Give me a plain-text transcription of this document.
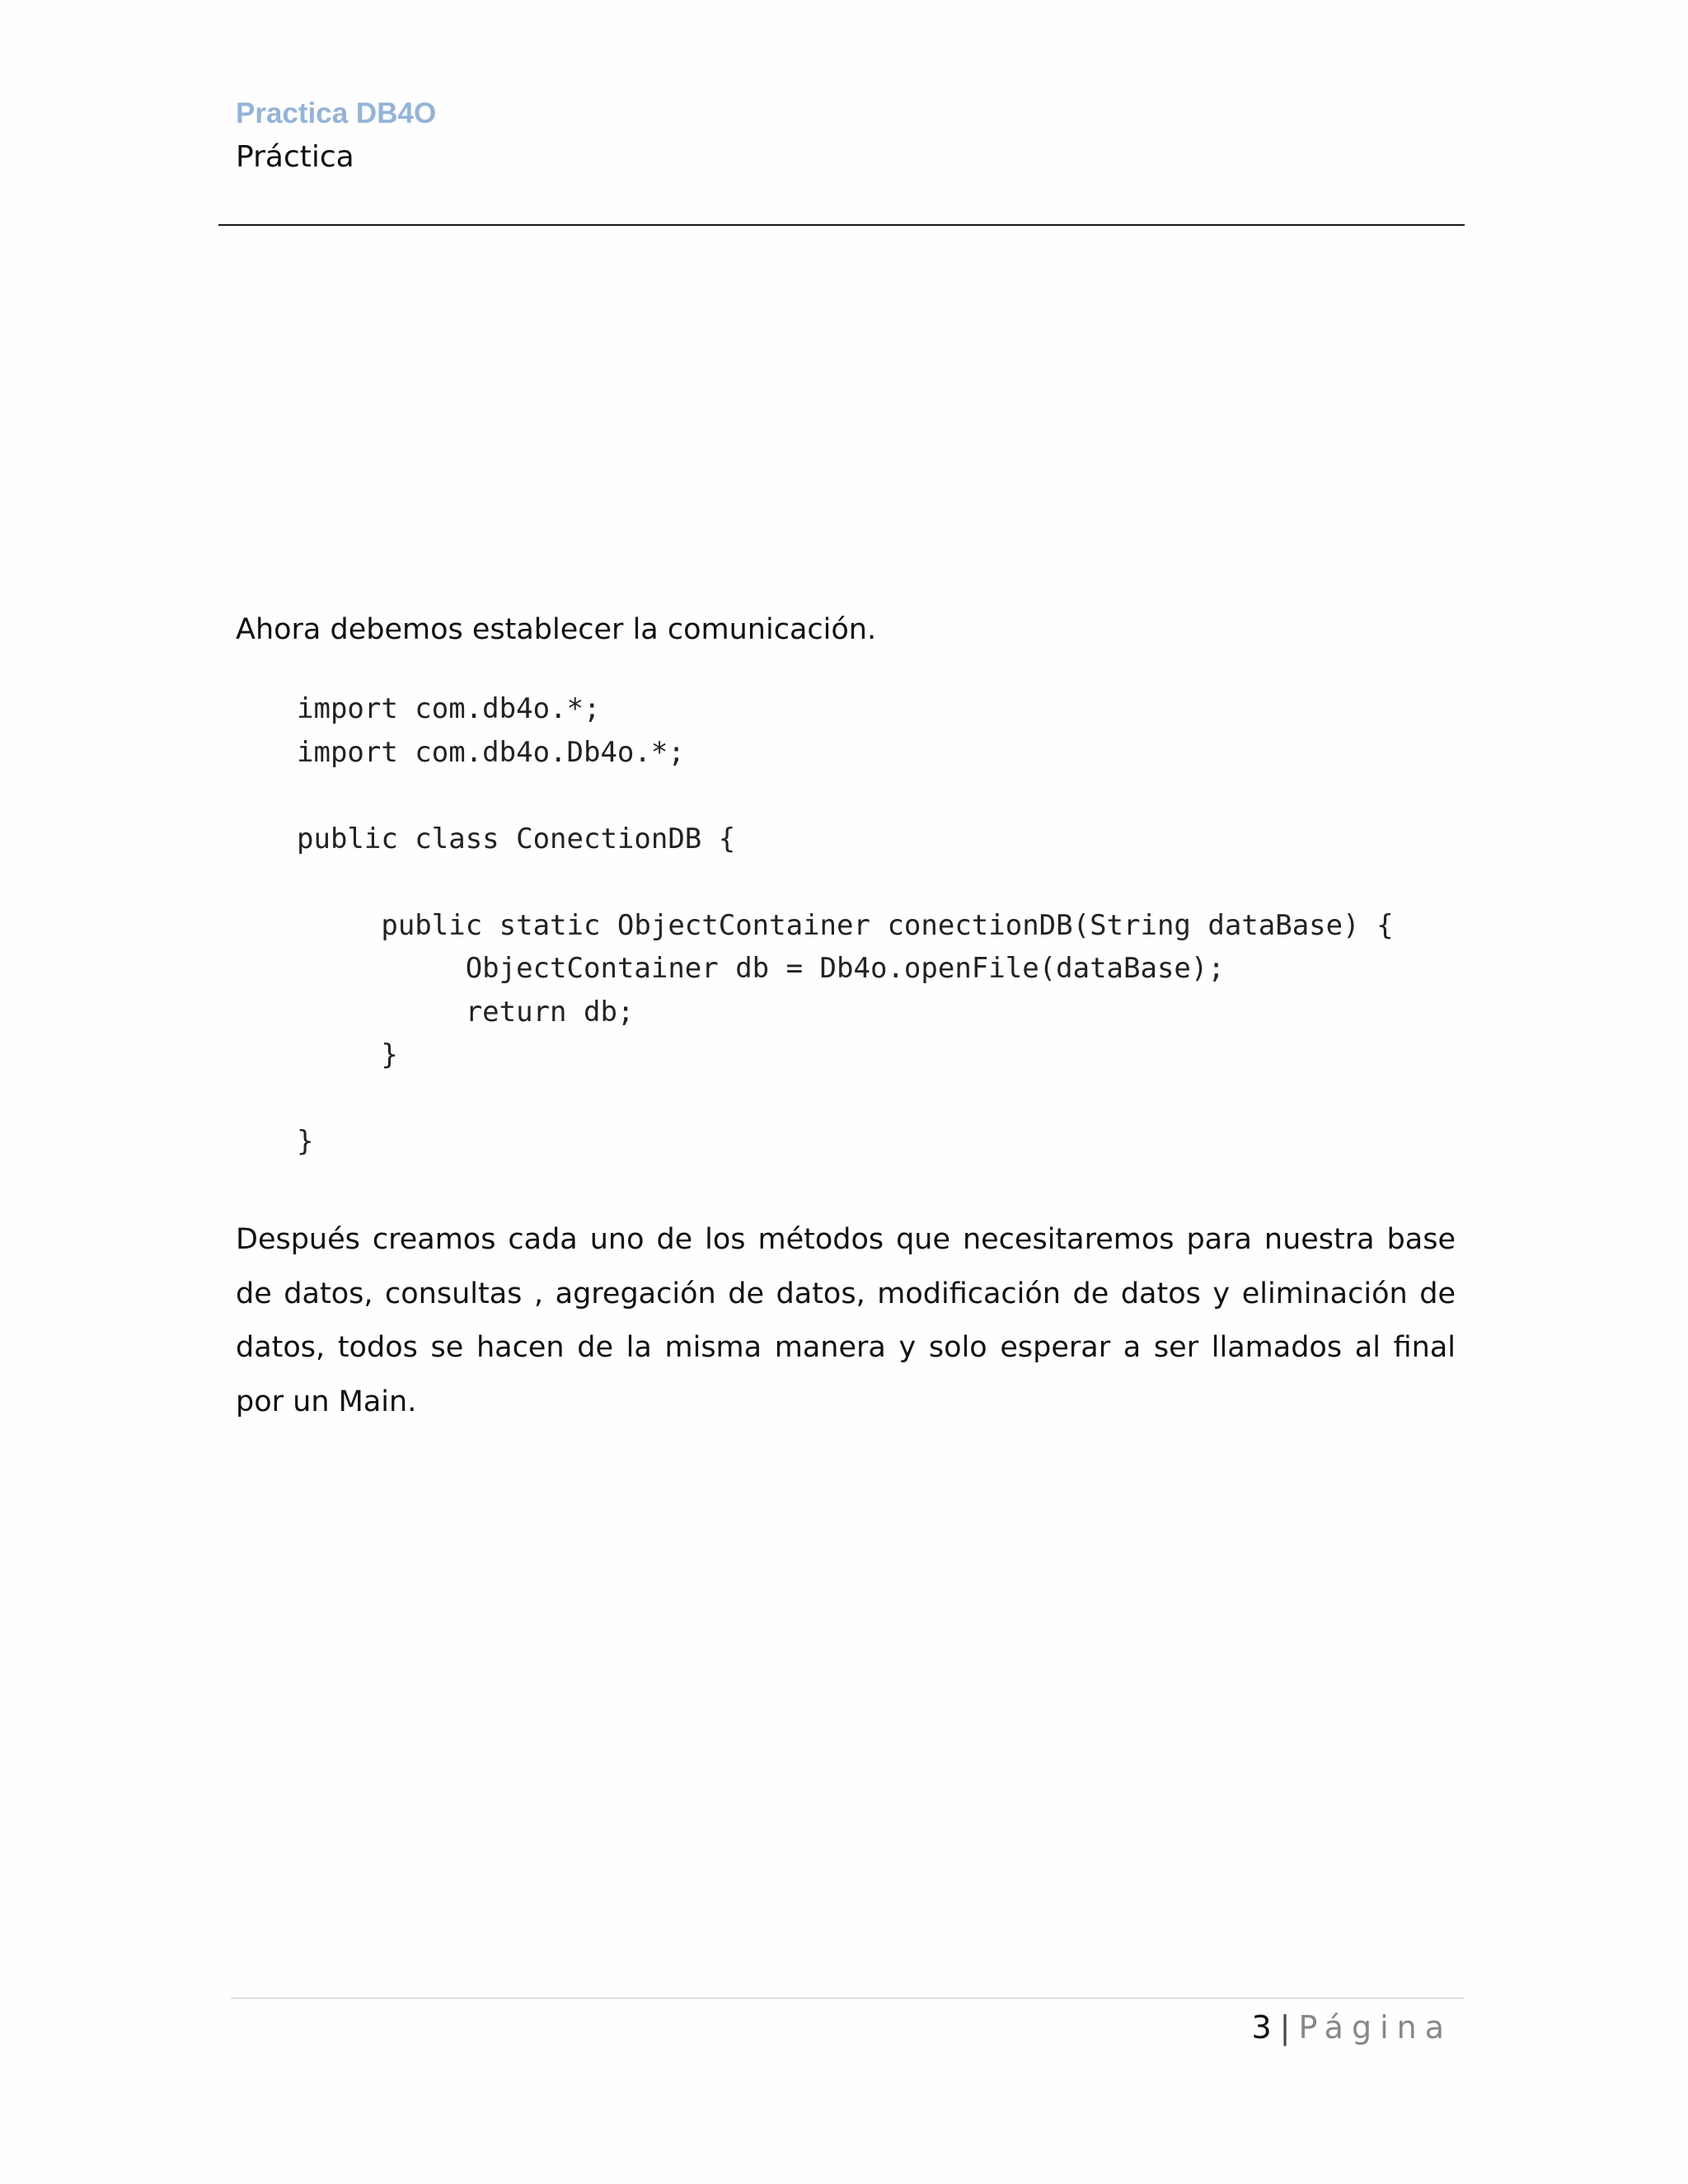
Practica DB4O
Práctica
Ahora debemos establecer la comunicación.
import com.db4o.*;
import com.db4o.Db4o.*;

public class ConectionDB {

public static ObjectContainer conectionDB(String dataBase) {
ObjectContainer db = Db4o.openFile(dataBase);
return db;
}

}

Después creamos cada uno de los métodos que necesitaremos para nuestra base de datos, consultas , agregación de datos, modificación de datos y eliminación de datos, todos se hacen de la misma manera y solo esperar a ser llamados al final por un Main.

3 | Página
